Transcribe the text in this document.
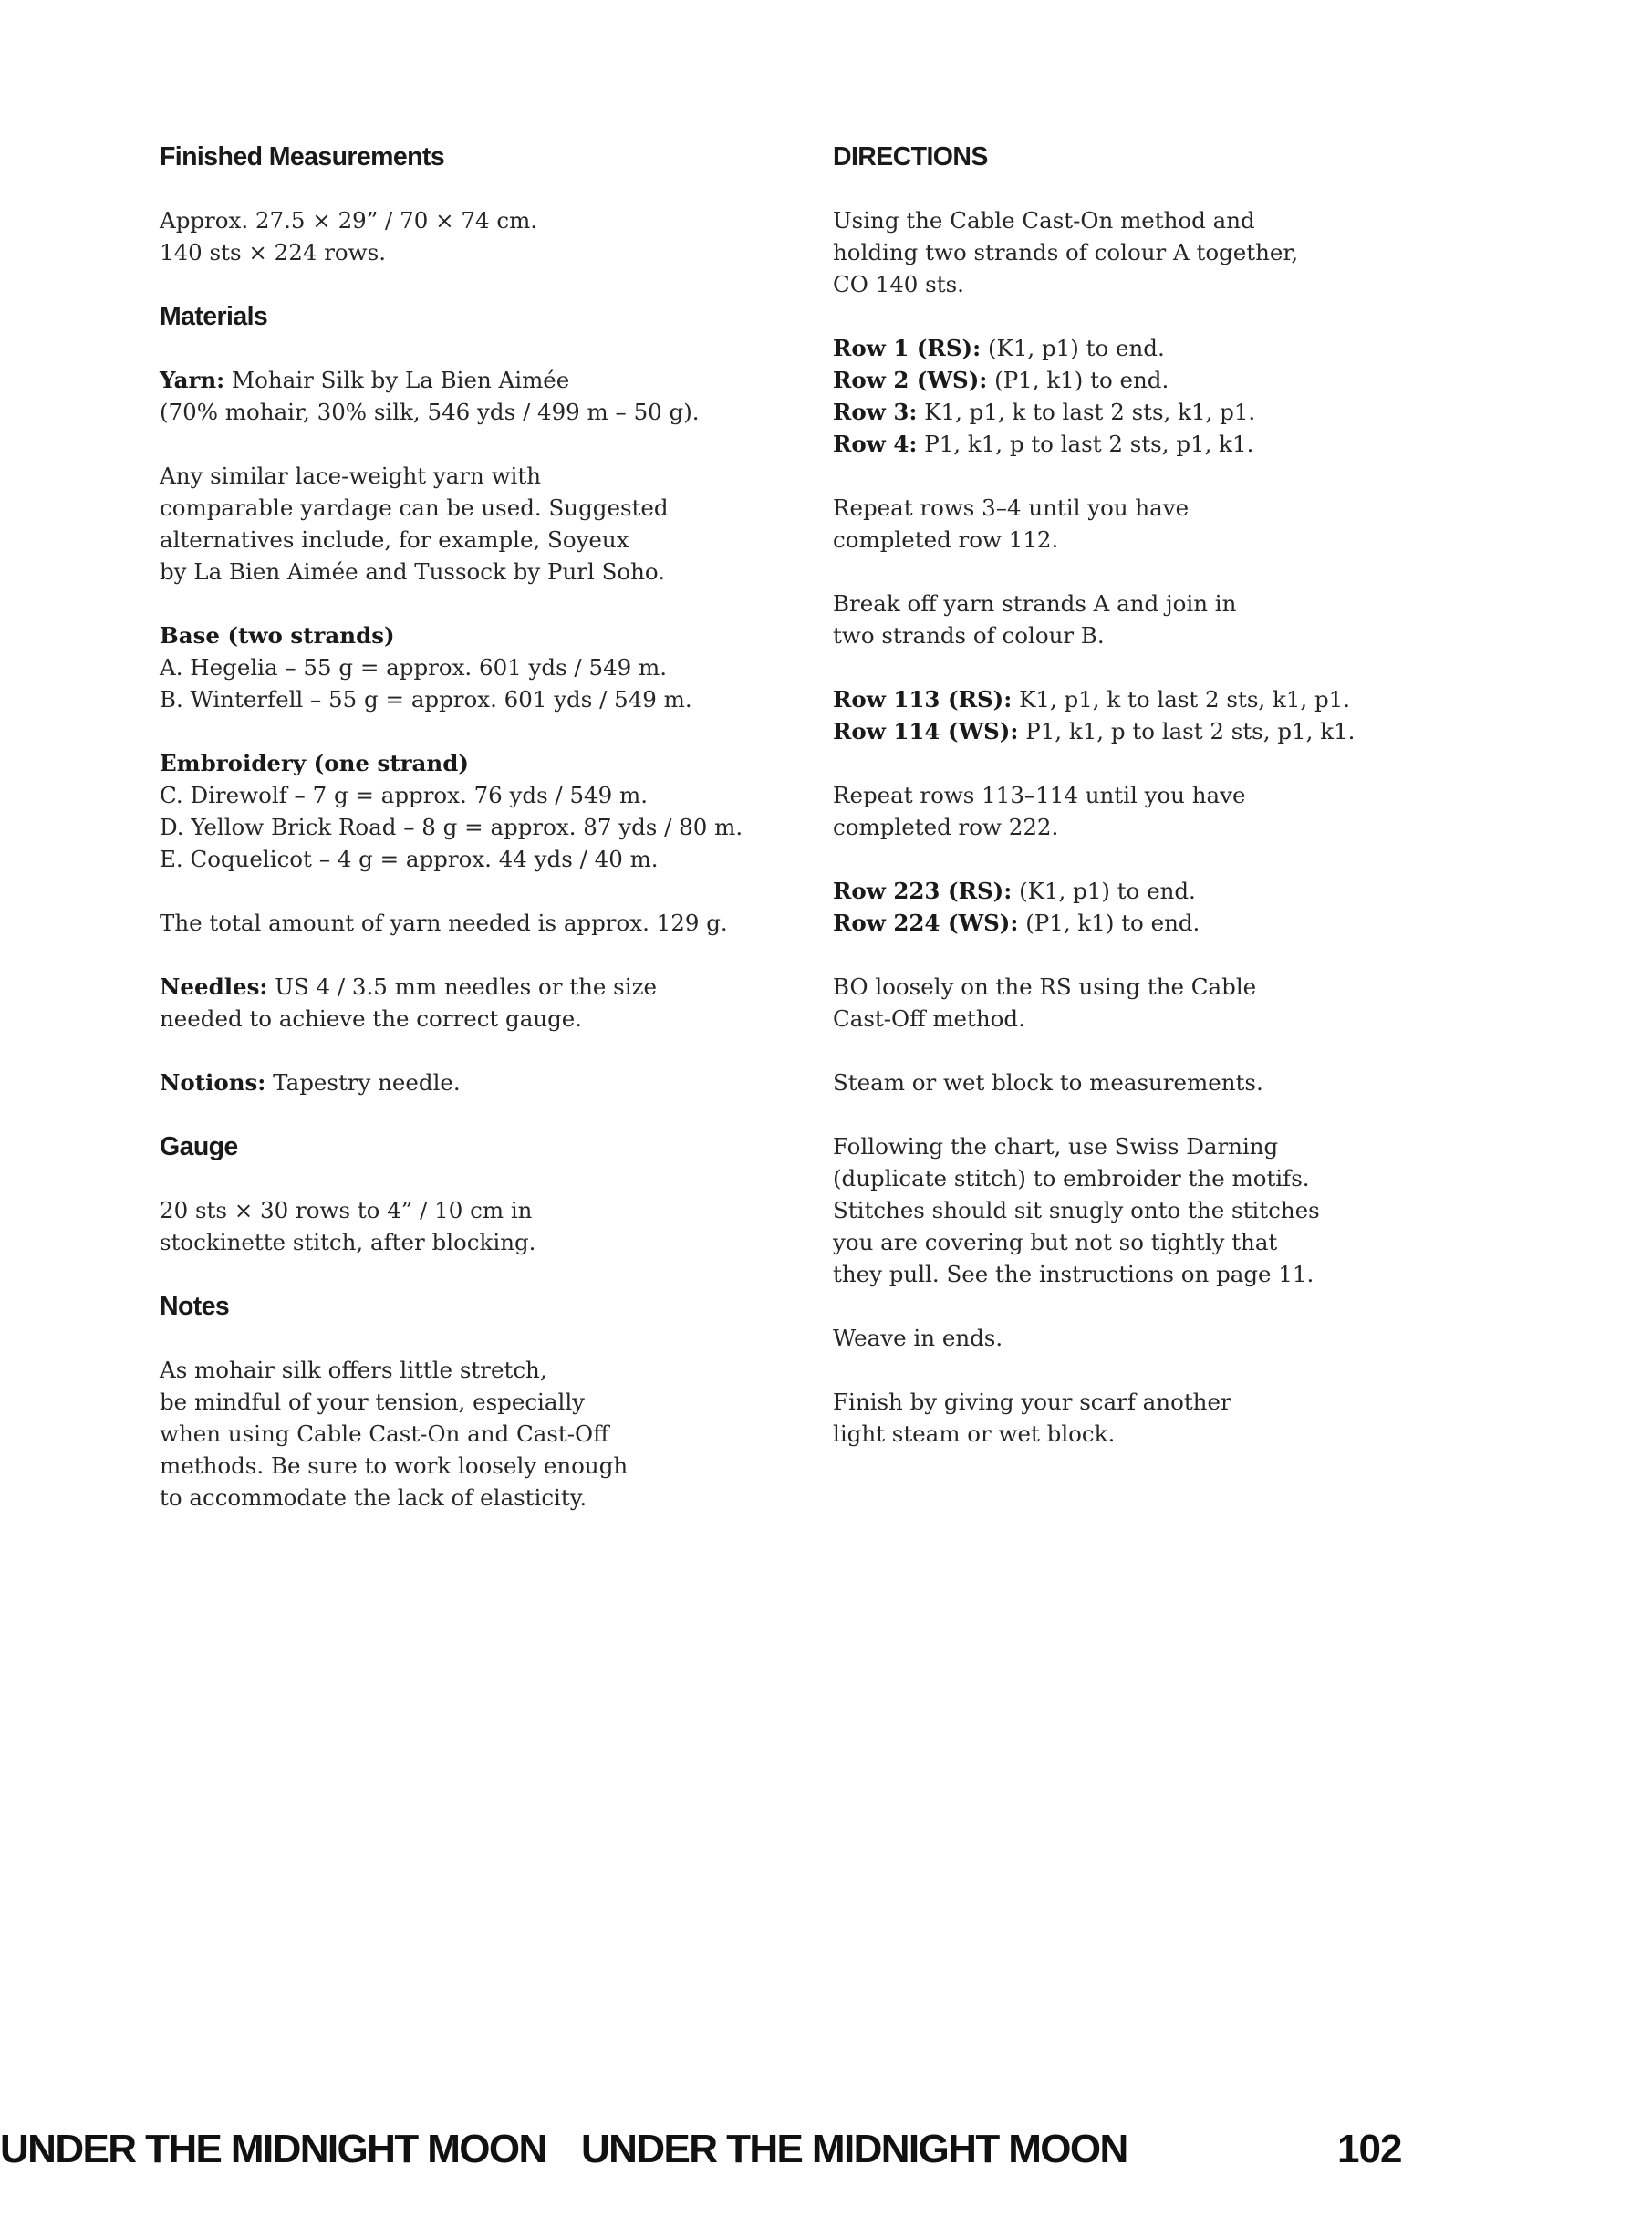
Finished Measurements
Approx. 27.5 × 29” / 70 × 74 cm.
140 sts × 224 rows.
Materials
Yarn: Mohair Silk by La Bien Aimée
(70% mohair, 30% silk, 546 yds / 499 m – 50 g).
Any similar lace-weight yarn with
comparable yardage can be used. Suggested
alternatives include, for example, Soyeux
by La Bien Aimée and Tussock by Purl Soho.
Base (two strands)
A. Hegelia – 55 g = approx. 601 yds / 549 m.
B. Winterfell – 55 g = approx. 601 yds / 549 m.
Embroidery (one strand)
C. Direwolf – 7 g = approx. 76 yds / 549 m.
D. Yellow Brick Road – 8 g = approx. 87 yds / 80 m.
E. Coquelicot – 4 g = approx. 44 yds / 40 m.
The total amount of yarn needed is approx. 129 g.
Needles: US 4 / 3.5 mm needles or the size
needed to achieve the correct gauge.
Notions: Tapestry needle.
Gauge
20 sts × 30 rows to 4” / 10 cm in
stockinette stitch, after blocking.
Notes
As mohair silk offers little stretch,
be mindful of your tension, especially
when using Cable Cast-On and Cast-Off
methods. Be sure to work loosely enough
to accommodate the lack of elasticity.
DIRECTIONS
Using the Cable Cast-On method and
holding two strands of colour A together,
CO 140 sts.
Row 1 (RS): (K1, p1) to end.
Row 2 (WS): (P1, k1) to end.
Row 3: K1, p1, k to last 2 sts, k1, p1.
Row 4: P1, k1, p to last 2 sts, p1, k1.
Repeat rows 3–4 until you have
completed row 112.
Break off yarn strands A and join in
two strands of colour B.
Row 113 (RS): K1, p1, k to last 2 sts, k1, p1.
Row 114 (WS): P1, k1, p to last 2 sts, p1, k1.
Repeat rows 113–114 until you have
completed row 222.
Row 223 (RS): (K1, p1) to end.
Row 224 (WS): (P1, k1) to end.
BO loosely on the RS using the Cable
Cast-Off method.
Steam or wet block to measurements.
Following the chart, use Swiss Darning
(duplicate stitch) to embroider the motifs.
Stitches should sit snugly onto the stitches
you are covering but not so tightly that
they pull. See the instructions on page 11.
Weave in ends.
Finish by giving your scarf another
light steam or wet block.
UNDER THE MIDNIGHT MOON UNDER THE MIDNIGHT MOON	102
